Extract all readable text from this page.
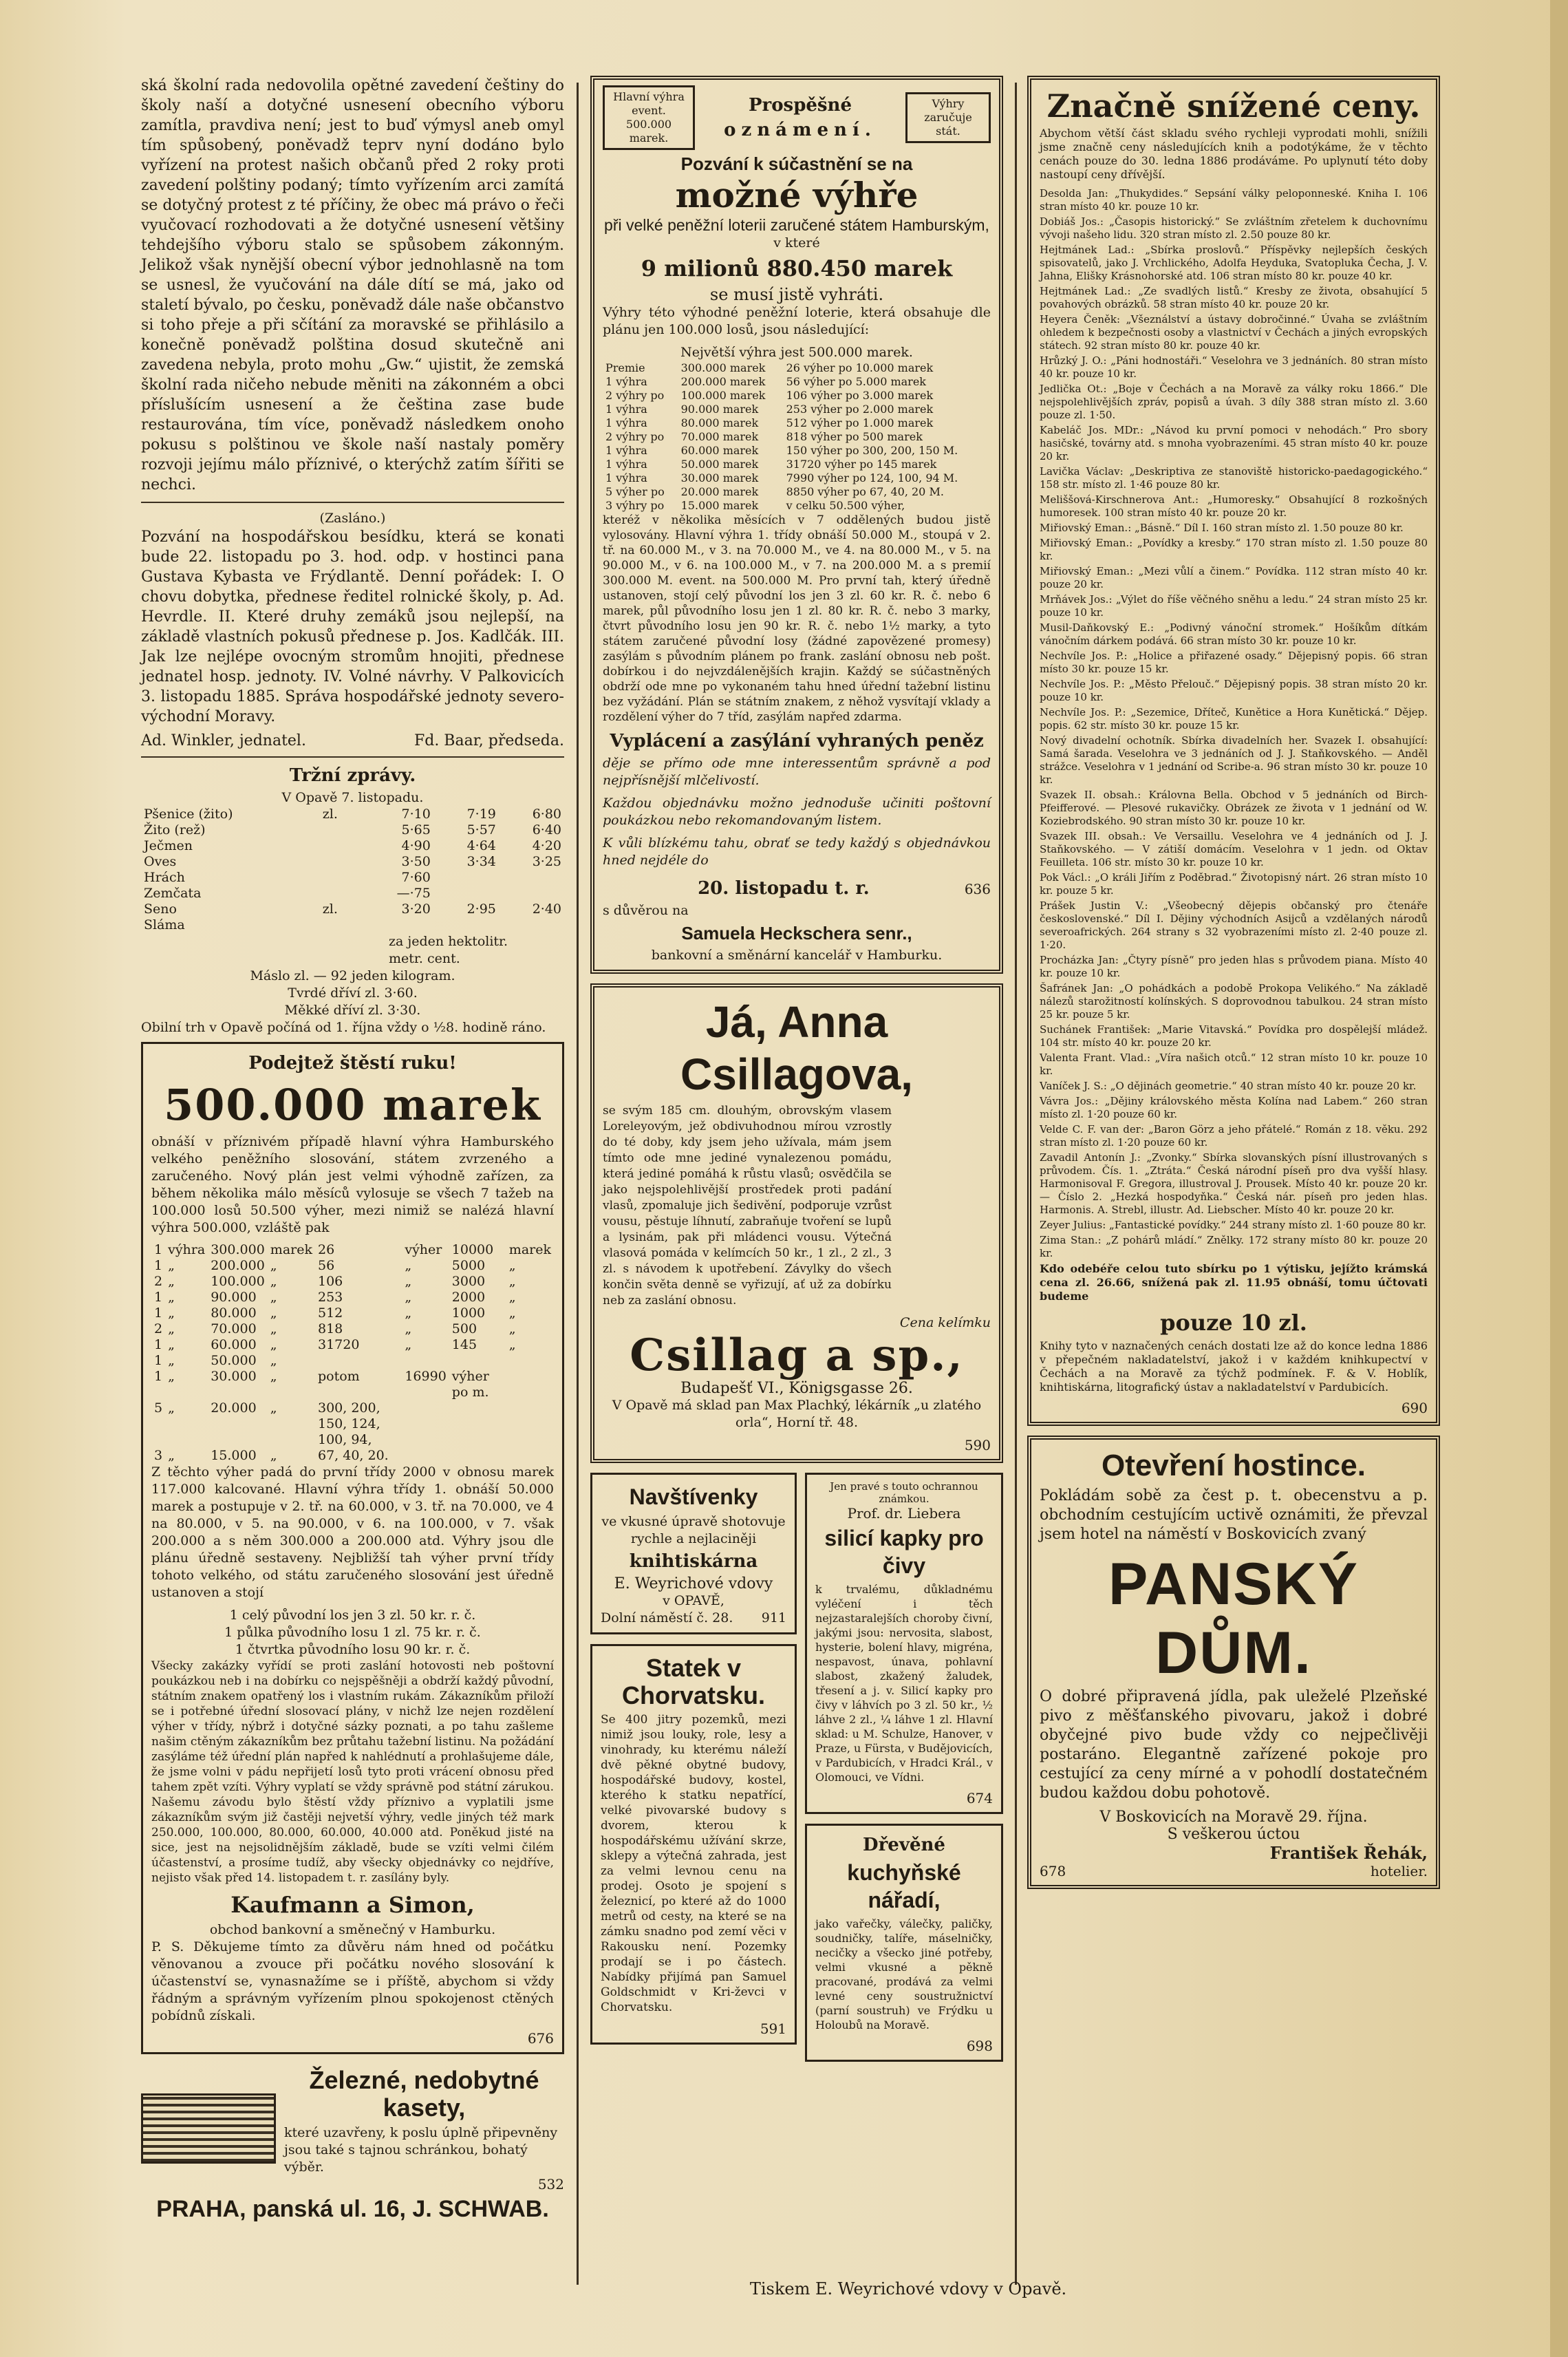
ská školní rada nedovolila opětné zavedení češtiny do školy naší a dotyčné usnesení obecního výboru zamítla, pravdiva není; jest to buď výmysl aneb omyl tím spůsobený, poněvadž teprv nyní dodáno bylo vyřízení na protest našich občanů před 2 roky proti zavedení polštiny podaný; tímto vyřízením arci zamítá se dotyčný protest z té příčiny, že obec má právo o řeči vyučovací rozhodovati a že dotyčné usnesení většiny tehdejšího výboru stalo se spůsobem zákonným. Jelikož však nynější obecní výbor jednohlasně na tom se usnesl, že vyučování na dále dítí se má, jako od staletí bývalo, po česku, poněvadž dále naše občanstvo si toho přeje a při sčítání za moravské se přihlásilo a konečně poněvadž polština dosud skutečně ani zavedena nebyla, proto mohu „Gw.“ ujistit, že zemská školní rada ničeho nebude měniti na zákonném a obci příslušícím usnesení a že čeština zase bude restaurována, tím více, poněvadž následkem onoho pokusu s polštinou ve škole naší nastaly poměry rozvoji jejímu málo příznivé, o kterýchž zatím šířiti se nechci.

(Zasláno.)

Pozvání na hospodářskou besídku, která se konati bude 22. listopadu po 3. hod. odp. v hostinci pana Gustava Kybasta ve Frýdlantě. Denní pořádek: I. O chovu dobytka, přednese ředitel rolnické školy, p. Ad. Hevrdle. II. Které druhy zemáků jsou nejlepší, na základě vlastních pokusů přednese p. Jos. Kadlčák. III. Jak lze nejlépe ovocným stromům hnojiti, přednese jednatel hosp. jednoty. IV. Volné návrhy. V Palkovicích 3. listopadu 1885. Správa hospodářské jednoty severo-východní Moravy.

Ad. Winkler, jednatel.	Fd. Baar, předseda.
Tržní zprávy.
V Opavě 7. listopadu.
Pšenice (žito)	zl.	7·10	7·19	6·80
Žito (rež)		5·65	5·57	6·40
Ječmen		4·90	4·64	4·20
Oves		3·50	3·34	3·25
Hrách		7·60		
Zemčata		—·75		
Seno	zl.	3·20	2·95	2·40
Sláma				
za jeden hektolitr.
metr. cent.
Máslo zl. — 92 jeden kilogram.
Tvrdé dříví zl. 3·60.
Měkké dříví zl. 3·30.

Obilní trh v Opavě počíná od 1. října vždy o ½8. hodině ráno.

Podejtež štěstí ruku!
500.000 marek

obnáší v příznivém případě hlavní výhra Hamburského velkého peněžního slosování, státem zvrzeného a zaručeného. Nový plán jest velmi výhodně zařízen, za během několika málo měsíců vylosuje se všech 7 tažeb na 100.000 losů 50.500 výher, mezi nimiž se nalézá hlavní výhra 500.000, vzláště pak

1	výhra	300.000	marek	26	výher	10000	marek
1	„	200.000	„	56	„	5000	„
2	„	100.000	„	106	„	3000	„
1	„	90.000	„	253	„	2000	„
1	„	80.000	„	512	„	1000	„
2	„	70.000	„	818	„	500	„
1	„	60.000	„	31720	„	145	„
1	„	50.000	„				
1	„	30.000	„	potom	16990	výher po m.	
5	„	20.000	„	300, 200, 150, 124, 100, 94,			
3	„	15.000	„	67, 40, 20.			

Z těchto výher padá do první třídy 2000 v obnosu marek 117.000 kalcované. Hlavní výhra třídy 1. obnáší 50.000 marek a postupuje v 2. tř. na 60.000, v 3. tř. na 70.000, ve 4 na 80.000, v 5. na 90.000, v 6. na 100.000, v 7. však 200.000 a s něm 300.000 a 200.000 atd. Výhry jsou dle plánu úředně sestaveny. Nejbližší tah výher první třídy tohoto velkého, od státu zaručeného slosování jest úředně ustanoven a stojí

1 celý původní los jen 3 zl. 50 kr. r. č.
1 půlka původního losu 1 zl. 75 kr. r. č.
1 čtvrtka původního losu 90 kr. r. č.

Všecky zakázky vyřídí se proti zaslání hotovosti neb poštovní poukázkou neb i na dobírku co nejspěšněji a obdrží každý původní, státním znakem opatřený los i vlastním rukám. Zákazníkům přiloží se i potřebné úřední slosovací plány, v nichž lze nejen rozdělení výher v třídy, nýbrž i dotyčné sázky poznati, a po tahu zašleme našim ctěným zákazníkům bez průtahu tažební listinu. Na požádání zasýláme též úřední plán napřed k nahlédnutí a prohlašujeme dále, že jsme volni v pádu nepřijetí losů tyto proti vrácení obnosu před tahem zpět vzíti. Výhry vyplatí se vždy správně pod státní zárukou. Našemu závodu bylo štěstí vždy příznivo a vyplatili jsme zákazníkům svým již častěji nejvetší výhry, vedle jiných též mark 250.000, 100.000, 80.000, 60.000, 40.000 atd. Poněkud jisté na sice, jest na nejsolidnějším základě, bude se vzíti velmi čilém účastenství, a prosíme tudíž, aby všecky objednávky co nejdříve, nejisto však před 14. listopadem t. r. zasílány byly.

Kaufmann a Simon,
obchod bankovní a směnečný v Hamburku.

P. S. Děkujeme tímto za důvěru nám hned od počátku věnovanou a zvouce při počátku nového slosování k účastenství se, vynasnažíme se i příště, abychom si vždy řádným a správným vyřízením plnou spokojenost ctěných pobídnů získali.

676
Železné, nedobytné kasety,
které uzavřeny, k poslu úplně připevněny jsou také s tajnou schránkou, bohatý výběr.
532
PRAHA, panská ul. 16, J. SCHWAB.
Hlavní výhra event. 500.000 marek.
Prospěšné
oznámení.
Výhry zaručuje stát.
Pozvání k súčastnění se na
možné výhře
při velké peněžní loterii zaručené státem Hamburským,
v které
9 milionů 880.450 marek
se musí jistě vyhráti.

Výhry této výhodné peněžní loterie, která obsahuje dle plánu jen 100.000 losů, jsou následující:

Největší výhra jest 500.000 marek.
Premie	300.000 marek	26 výher po 10.000 marek
1 výhra	200.000 marek	56 výher po 5.000 marek
2 výhry po	100.000 marek	106 výher po 3.000 marek
1 výhra	90.000 marek	253 výher po 2.000 marek
1 výhra	80.000 marek	512 výher po 1.000 marek
2 výhry po	70.000 marek	818 výher po 500 marek
1 výhra	60.000 marek	150 výher po 300, 200, 150 M.
1 výhra	50.000 marek	31720 výher po 145 marek
1 výhra	30.000 marek	7990 výher po 124, 100, 94 M.
5 výher po	20.000 marek	8850 výher po 67, 40, 20 M.
3 výhry po	15.000 marek	v celku 50.500 výher,

kteréž v několika měsících v 7 oddělených budou jistě vylosovány. Hlavní výhra 1. třídy obnáší 50.000 M., stoupá v 2. tř. na 60.000 M., v 3. na 70.000 M., ve 4. na 80.000 M., v 5. na 90.000 M., v 6. na 100.000 M., v 7. na 200.000 M. a s premií 300.000 M. event. na 500.000 M. Pro první tah, který úředně ustanoven, stojí celý původní los jen 3 zl. 60 kr. R. č. nebo 6 marek, půl původního losu jen 1 zl. 80 kr. R. č. nebo 3 marky, čtvrt původního losu jen 90 kr. R. č. nebo 1½ marky, a tyto státem zaručené původní losy (žádné zapovězené promesy) zasýlám s původním plánem po frank. zaslání obnosu neb pošt. dobírkou i do nejvzdálenějších krajin. Každý se súčastněných obdrží ode mne po vykonaném tahu hned úřední tažební listinu bez vyžádání. Plán se státním znakem, z něhož vysvítají vklady a rozdělení výher do 7 tříd, zasýlám napřed zdarma.

Vyplácení a zasýlání vyhraných peněz

děje se přímo ode mne interessentům správně a pod nejpřísnější mlčelivostí.

Každou objednávku možno jednoduše učiniti poštovní poukázkou nebo rekomandovaným listem.

K vůli blízkému tahu, obrať se tedy každý s objednávkou hned nejdéle do

20. listopadu t. r.	636
s důvěrou na
Samuela Heckschera senr.,
bankovní a směnární kancelář v Hamburku.
Já, Anna Csillagova,

se svým 185 cm. dlouhým, obrovským vlasem Loreleyovým, jež obdivuhodnou mírou vzrostly do té doby, kdy jsem jeho užívala, mám jsem tímto ode mne jediné vynalezenou pomádu, která jediné pomáhá k růstu vlasů; osvědčila se jako nejspolehlivější prostředek proti padání vlasů, zpomaluje jich šedivění, podporuje vzrůst vousu, pěstuje líhnutí, zabraňuje tvoření se lupů a lysinám, pak při mládenci vousu. Výtečná vlasová pomáda v kelímcích 50 kr., 1 zl., 2 zl., 3 zl. s návodem k upotřebení. Závylky do všech končin světa denně se vyřizují, ať už za dobírku neb za zaslání obnosu.

Cena kelímku
Csillag a sp.,
Budapešť VI., Königsgasse 26.

V Opavě má sklad pan Max Plachký, lékárník „u zlatého orla“, Horní tř. 48.

590
Navštívenky
ve vkusné úpravě shotovuje rychle a nejlaciněji
knihtiskárna
E. Weyrichové vdovy
v OPAVĚ,
Dolní náměstí č. 28. 911
Statek v Chorvatsku.

Se 400 jitry pozemků, mezi nimiž jsou louky, role, lesy a vinohrady, ku kterému náleží dvě pěkné obytné budovy, hospodářské budovy, kostel, kterého k statku nepatřící, velké pivovarské budovy s dvorem, kterou k hospodářskému užívání skrze, sklepy a výtečná zahrada, jest za velmi levnou cenu na prodej. Osoto je spojení s železnicí, po které až do 1000 metrů od cesty, na které se na zámku snadno pod zemí věci v Rakousku není. Pozemky prodají se i po částech. Nabídky přijímá pan Samuel Goldschmidt v Kri-ževci v Chorvatsku.

591
Jen pravé s touto ochrannou známkou.
Prof. dr. Liebera
silicí kapky pro čivy

k trvalému, důkladnému vyléčení i těch nejzastaralejších choroby čivní, jakými jsou: nervosita, slabost, hysterie, bolení hlavy, migréna, nespavost, únava, pohlavní slabost, zkažený žaludek, třesení a j. v. Silicí kapky pro čivy v láhvích po 3 zl. 50 kr., ½ láhve 2 zl., ¼ láhve 1 zl. Hlavní sklad: u M. Schulze, Hanover, v Praze, u Fürsta, v Budějovicích, v Pardubicích, v Hradci Král., v Olomouci, ve Vídni.

674
Dřevěné
kuchyňské nářadí,

jako vařečky, válečky, paličky, soudničky, talíře, máselničky, necičky a všecko jiné potřeby, velmi vkusné a pěkně pracované, prodává za velmi levné ceny soustružnictví (parní soustruh) ve Frýdku u Holoubů na Moravě.

698
Značně snížené ceny.

Abychom větší část skladu svého rychleji vyprodati mohli, snížili jsme značně ceny následujících knih a podotýkáme, že v těchto cenách pouze do 30. ledna 1886 prodáváme. Po uplynutí této doby nastoupí ceny dřívější.

Desolda Jan: „Thukydides.“ Sepsání války peloponneské. Kniha I. 106 stran místo 40 kr. pouze 10 kr.

Dobiáš Jos.: „Časopis historický.“ Se zvláštním zřetelem k duchovnímu vývoji našeho lidu. 320 stran místo zl. 2.50 pouze 80 kr.

Hejtmánek Lad.: „Sbírka proslovů.“ Příspěvky nejlepších českých spisovatelů, jako J. Vrchlického, Adolfa Heyduka, Svatopluka Čecha, J. V. Jahna, Elišky Krásnohorské atd. 106 stran místo 80 kr. pouze 40 kr.

Hejtmánek Lad.: „Ze svadlých listů.“ Kresby ze života, obsahující 5 povahových obrázků. 58 stran místo 40 kr. pouze 20 kr.

Heyera Čeněk: „Všeználství a ústavy dobročinné.“ Úvaha se zvláštním ohledem k bezpečnosti osoby a vlastnictví v Čechách a jiných evropských státech. 92 stran místo 80 kr. pouze 40 kr.

Hrůzký J. O.: „Páni hodnostáři.“ Veselohra ve 3 jednáních. 80 stran místo 40 kr. pouze 10 kr.

Jedlička Ot.: „Boje v Čechách a na Moravě za války roku 1866.“ Dle nejspolehlivějších zpráv, popisů a úvah. 3 díly 388 stran místo zl. 3.60 pouze zl. 1·50.

Kabeláč Jos. MDr.: „Návod ku první pomoci v nehodách.“ Pro sbory hasičské, továrny atd. s mnoha vyobrazeními. 45 stran místo 40 kr. pouze 20 kr.

Lavička Václav: „Deskriptiva ze stanoviště historicko-paedagogického.“ 158 str. místo zl. 1·46 pouze 80 kr.

Meliššová-Kirschnerova Ant.: „Humoresky.“ Obsahující 8 rozkošných humoresek. 100 stran místo 40 kr. pouze 20 kr.

Miřiovský Eman.: „Básně.“ Díl I. 160 stran místo zl. 1.50 pouze 80 kr.

Miřiovský Eman.: „Povídky a kresby.“ 170 stran místo zl. 1.50 pouze 80 kr.

Miřiovský Eman.: „Mezi vůlí a činem.“ Povídka. 112 stran místo 40 kr. pouze 20 kr.

Mrňávek Jos.: „Výlet do říše věčného sněhu a ledu.“ 24 stran místo 25 kr. pouze 10 kr.

Musil-Daňkovský E.: „Podivný vánoční stromek.“ Hošíkům dítkám vánočním dárkem podává. 66 stran místo 30 kr. pouze 10 kr.

Nechvíle Jos. P.: „Holice a přiřazené osady.“ Dějepisný popis. 66 stran místo 30 kr. pouze 15 kr.

Nechvíle Jos. P.: „Město Přelouč.“ Dějepisný popis. 38 stran místo 20 kr. pouze 10 kr.

Nechvíle Jos. P.: „Sezemice, Dříteč, Kunětice a Hora Kunětická.“ Dějep. popis. 62 str. místo 30 kr. pouze 15 kr.

Nový divadelní ochotník. Sbírka divadelních her. Svazek I. obsahující: Samá šarada. Veselohra ve 3 jednáních od J. J. Staňkovského. — Anděl strážce. Veselohra v 1 jednání od Scribe-a. 96 stran místo 30 kr. pouze 10 kr.

Svazek II. obsah.: Královna Bella. Obchod v 5 jednáních od Birch-Pfeifferové. — Plesové rukavičky. Obrázek ze života v 1 jednání od W. Koziebrodského. 90 stran místo 30 kr. pouze 10 kr.

Svazek III. obsah.: Ve Versaillu. Veselohra ve 4 jednáních od J. J. Staňkovského. — V zátiší domácím. Veselohra v 1 jedn. od Oktav Feuilleta. 106 str. místo 30 kr. pouze 10 kr.

Pok Václ.: „O králi Jiřím z Poděbrad.“ Životopisný nárt. 26 stran místo 10 kr. pouze 5 kr.

Prášek Justin V.: „Všeobecný dějepis občanský pro čtenáře československé.“ Díl I. Dějiny východních Asijců a vzdělaných národů severoafrických. 264 strany s 32 vyobrazeními místo zl. 2·40 pouze zl. 1·20.

Procházka Jan: „Čtyry písně“ pro jeden hlas s průvodem piana. Místo 40 kr. pouze 10 kr.

Šafránek Jan: „O pohádkách a podobě Prokopa Velikého.“ Na základě nálezů starožitností kolínských. S doprovodnou tabulkou. 24 stran místo 25 kr. pouze 5 kr.

Suchánek František: „Marie Vitavská.“ Povídka pro dospělejší mládež. 104 str. místo 40 kr. pouze 20 kr.

Valenta Frant. Vlad.: „Víra našich otců.“ 12 stran místo 10 kr. pouze 10 kr.

Vaníček J. S.: „O dějinách geometrie.“ 40 stran místo 40 kr. pouze 20 kr.

Vávra Jos.: „Dějiny královského města Kolína nad Labem.“ 260 stran místo zl. 1·20 pouze 60 kr.

Velde C. F. van der: „Baron Görz a jeho přátelé.“ Román z 18. věku. 292 stran místo zl. 1·20 pouze 60 kr.

Zavadil Antonín J.: „Zvonky.“ Sbírka slovanských písní illustrovaných s průvodem. Čís. 1. „Ztráta.“ Česká národní píseň pro dva vyšší hlasy. Harmonisoval F. Gregora, illustroval J. Prousek. Místo 40 kr. pouze 20 kr. — Číslo 2. „Hezká hospodyňka.“ Česká nár. píseň pro jeden hlas. Harmonis. A. Strebl, illustr. Ad. Liebscher. Místo 40 kr. pouze 20 kr.

Zeyer Julius: „Fantastické povídky.“ 244 strany místo zl. 1·60 pouze 80 kr.

Zima Stan.: „Z pohárů mládí.“ Znělky. 172 strany místo 80 kr. pouze 20 kr.

Kdo odebéře celou tuto sbírku po 1 výtisku, jejížto krámská cena zl. 26.66, snížená pak zl. 11.95 obnáší, tomu účtovati budeme

pouze 10 zl.

Knihy tyto v naznačených cenách dostati lze až do konce ledna 1886 v přepečném nakladatelství, jakož i v každém knihkupectví v Čechách a na Moravě za týchž podmínek. F. & V. Hoblík, knihtiskárna, litografický ústav a nakladatelství v Pardubicích.

690
Otevření hostince.

Pokládám sobě za čest p. t. obecenstvu a p. obchodním cestujícím uctivě oznámiti, že převzal jsem hotel na náměstí v Boskovicích zvaný

PANSKÝ DŮM.

O dobré připravená jídla, pak uleželé Plzeňské pivo z měšťanského pivovaru, jakož i dobré obyčejné pivo bude vždy co nejpečlivěji postaráno. Elegantně zařízené pokoje pro cestující za ceny mírné a v pohodlí dostatečném budou každou dobu pohotově.

V Boskovicích na Moravě 29. října.
S veškerou úctou
František Řehák,
678	hotelier.
Tiskem E. Weyrichové vdovy v Opavě.
